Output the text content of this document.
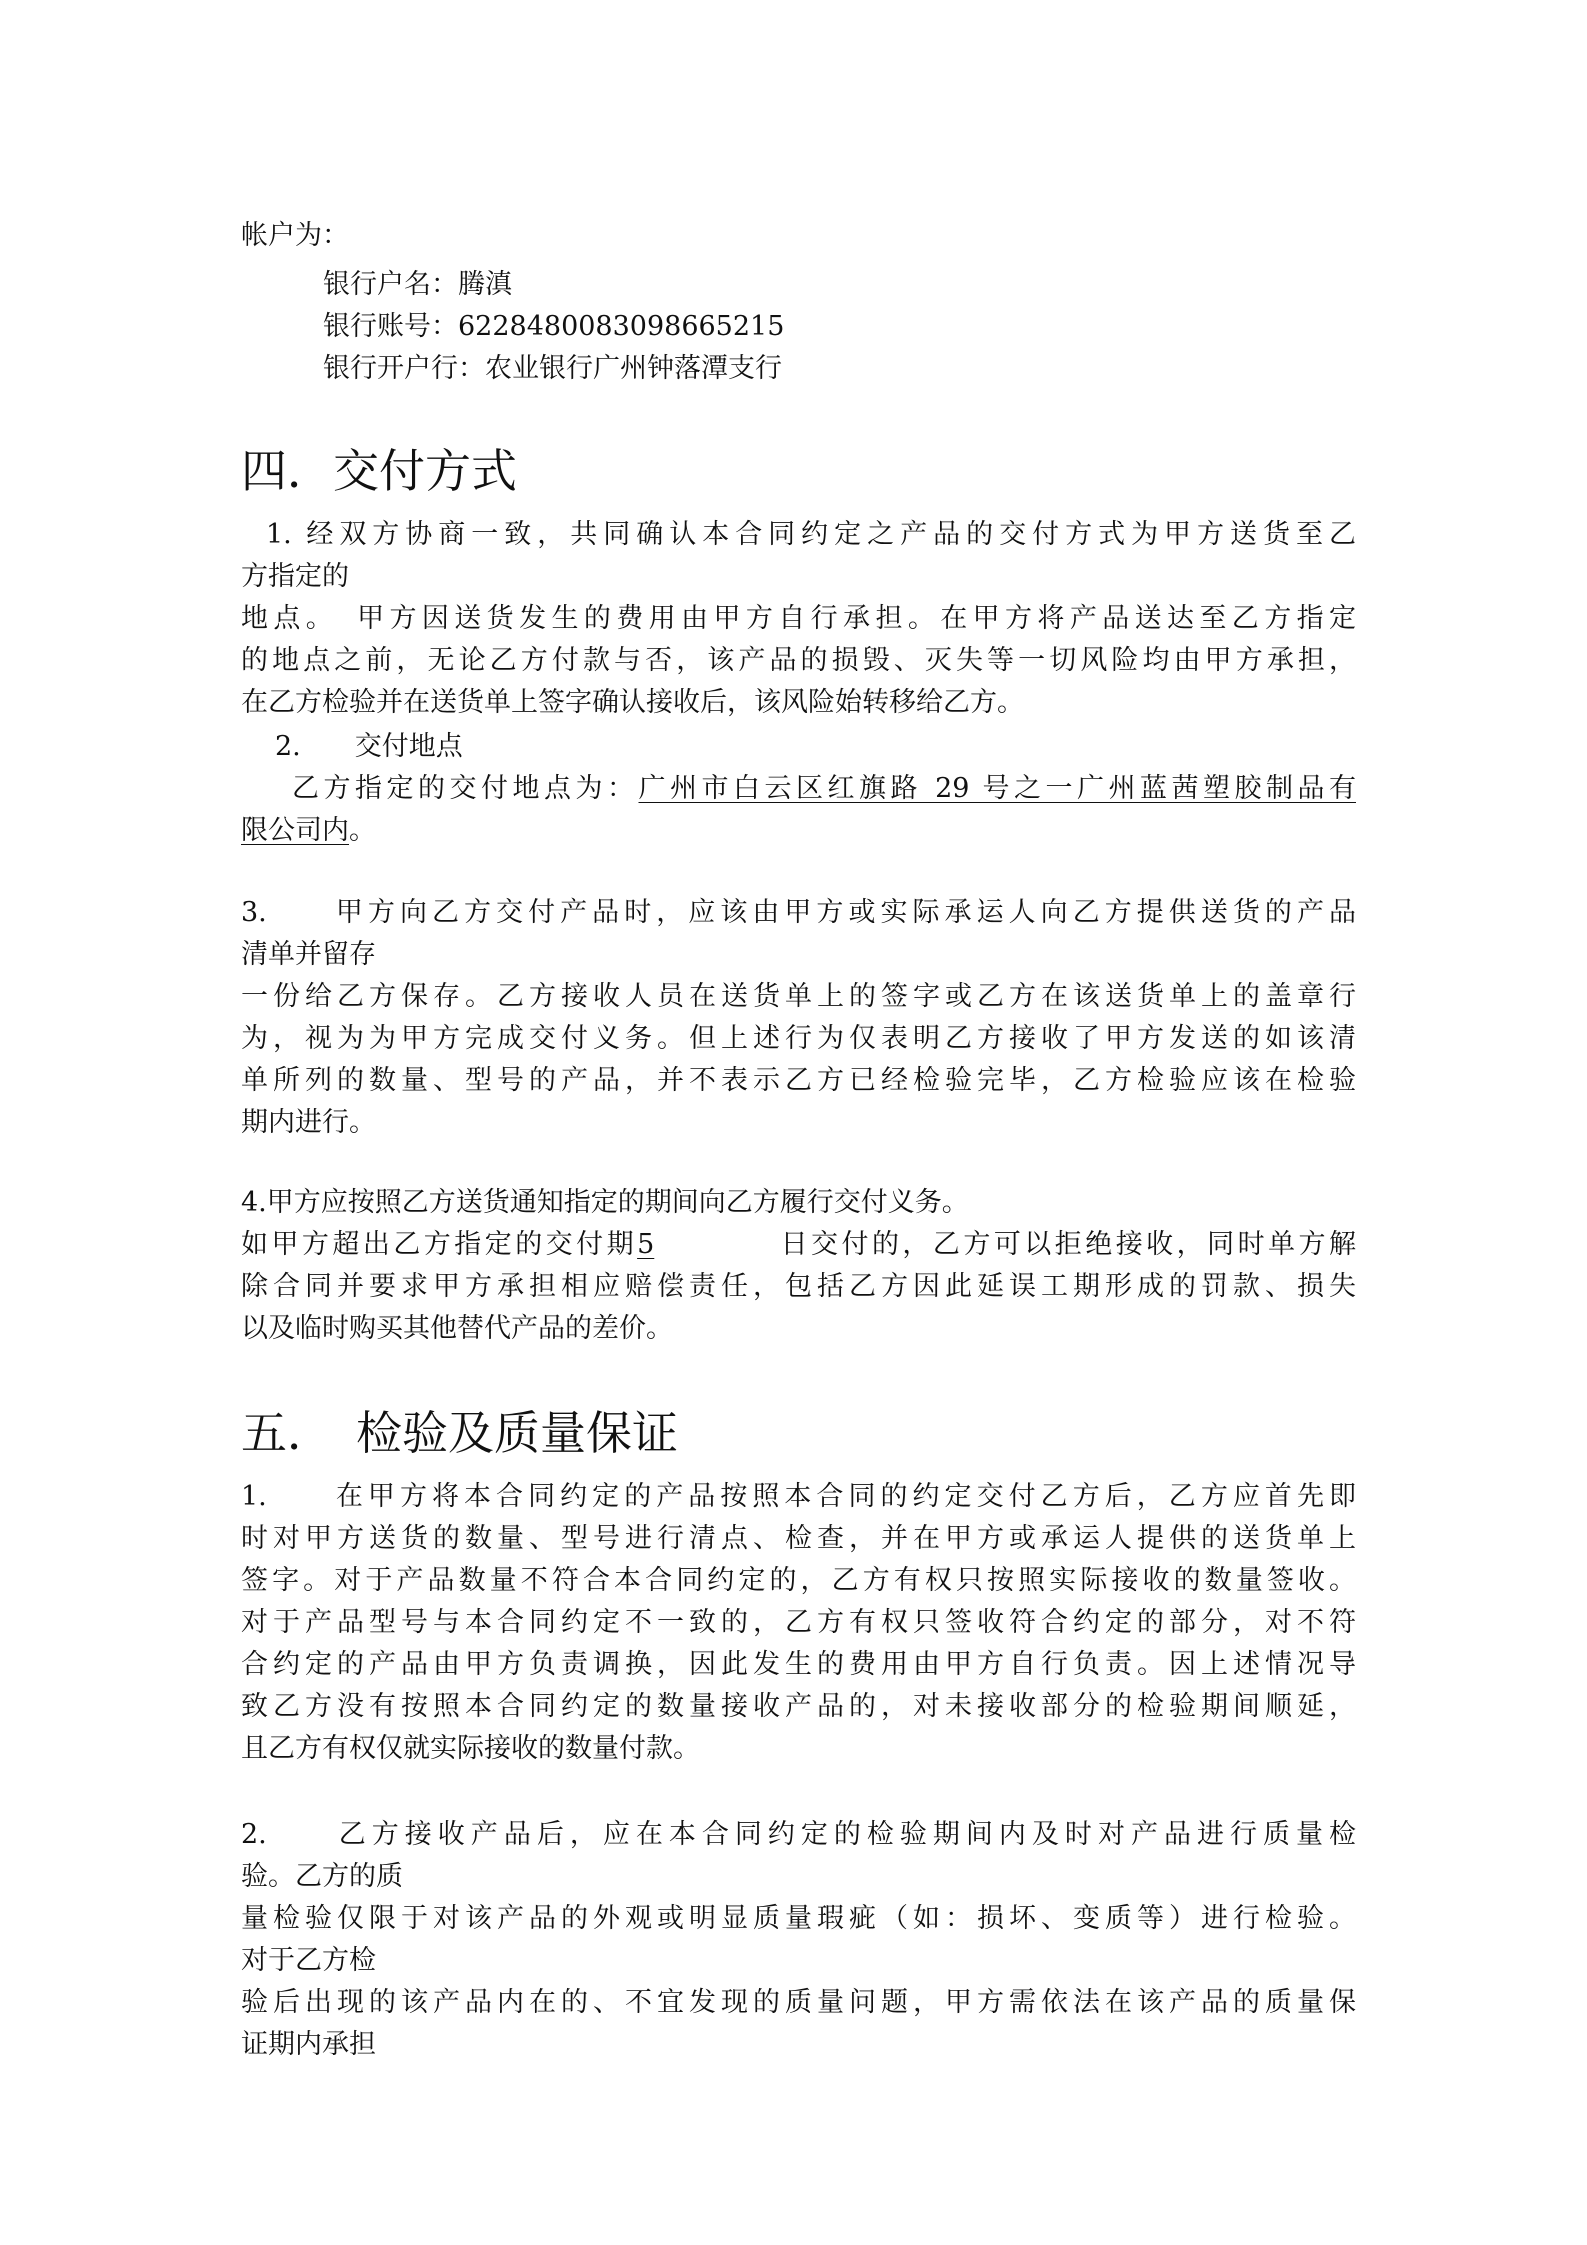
帐户为：
银行户名：腾滇
银行账号：6228480083098665215
银行开户行：农业银行广州钟落潭支行
四．交付方式
1. 经双方协商一致，共同确认本合同约定之产品的交付方式为甲方送货至乙
方指定的
地点。　甲方因送货发生的费用由甲方自行承担。在甲方将产品送达至乙方指定
的地点之前，无论乙方付款与否，该产品的损毁、灭失等一切风险均由甲方承担，
在乙方检验并在送货单上签字确认接收后，该风险始转移给乙方。
2.　　交付地点
乙方指定的交付地点为：广州市白云区红旗路 29 号之一广州蓝茜塑胶制品有
限公司内。
3.　　甲方向乙方交付产品时，应该由甲方或实际承运人向乙方提供送货的产品
清单并留存
一份给乙方保存。乙方接收人员在送货单上的签字或乙方在该送货单上的盖章行
为，视为为甲方完成交付义务。但上述行为仅表明乙方接收了甲方发送的如该清
单所列的数量、型号的产品，并不表示乙方已经检验完毕，乙方检验应该在检验
期内进行。
4.甲方应按照乙方送货通知指定的期间向乙方履行交付义务。
如甲方超出乙方指定的交付期5	日交付的，乙方可以拒绝接收，同时单方解
除合同并要求甲方承担相应赔偿责任，包括乙方因此延误工期形成的罚款、损失
以及临时购买其他替代产品的差价。
五．　检验及质量保证
1.　　在甲方将本合同约定的产品按照本合同的约定交付乙方后，乙方应首先即
时对甲方送货的数量、型号进行清点、检查，并在甲方或承运人提供的送货单上
签字。对于产品数量不符合本合同约定的，乙方有权只按照实际接收的数量签收。
对于产品型号与本合同约定不一致的，乙方有权只签收符合约定的部分，对不符
合约定的产品由甲方负责调换，因此发生的费用由甲方自行负责。因上述情况导
致乙方没有按照本合同约定的数量接收产品的，对未接收部分的检验期间顺延，
且乙方有权仅就实际接收的数量付款。
2.　　乙方接收产品后，应在本合同约定的检验期间内及时对产品进行质量检
验。乙方的质
量检验仅限于对该产品的外观或明显质量瑕疵（如：损坏、变质等）进行检验。
对于乙方检
验后出现的该产品内在的、不宜发现的质量问题，甲方需依法在该产品的质量保
证期内承担
